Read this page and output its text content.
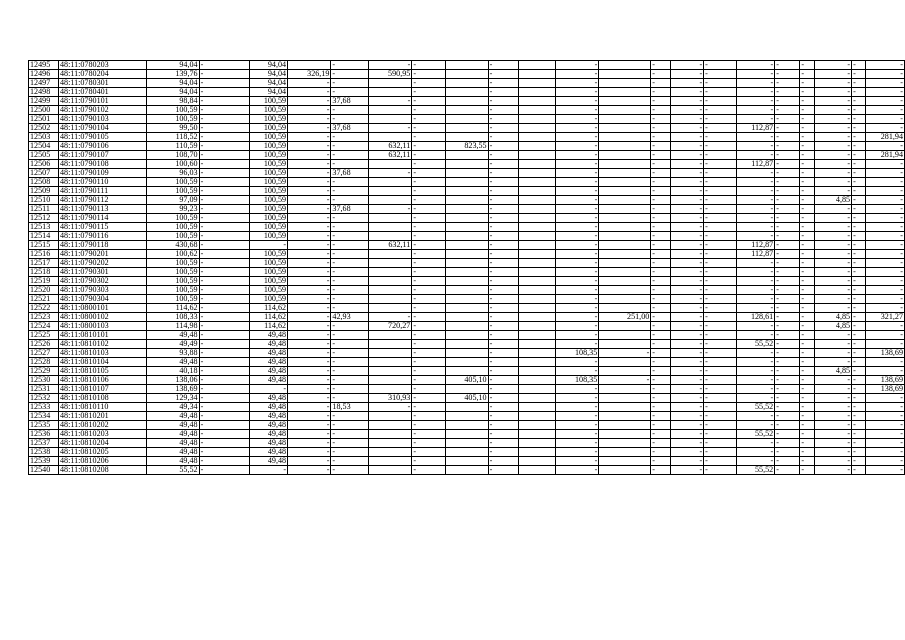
12495	48:11:0780203	94,04	-	94,04		-	-	-		-		-		-	-	-	-	-	-	-	-	-
12496	48:11:0780204	139,76	-	94,04	326,19	-	590,95	-		-		-		-	-	-	-	-	-	-	-	-
12497	48:11:0780301	94,04	-	94,04	-	-		-		-		-		-	-	-	-	-	-	-	-	-
12498	48:11:0780401	94,04	-	94,04	-	-		-		-		-		-	-	-	-	-	-	-	-	-
12499	48:11:0790101	98,84	-	100,59	-	37,68	-	-		-		-		-	-	-	-	-	-	-	-	-
12500	48:11:0790102	100,59	-	100,59	-	-		-		-		-		-	-	-	-	-	-	-	-	-
12501	48:11:0790103	100,59	-	100,59	-	-		-		-		-		-	-	-	-	-	-	-	-	-
12502	48:11:0790104	99,50	-	100,59	-	37,68	-	-		-		-		-	-	-	112,87	-	-	-	-	-
12503	48:11:0790105	118,52	-	100,59	-	-		-		-		-		-	-	-	-	-	-	-	-	281,94
12504	48:11:0790106	110,59	-	100,59	-	-	632,11	-	823,55	-		-		-	-	-	-	-	-	-	-	-
12505	48:11:0790107	108,70	-	100,59	-	-	632,11	-		-		-		-	-	-	-	-	-	-	-	281,94
12506	48:11:0790108	100,60	-	100,59	-	-		-		-		-		-	-	-	112,87	-	-	-	-	-
12507	48:11:0790109	96,03	-	100,59	-	37,68	-	-		-		-		-	-	-	-	-	-	-	-	-
12508	48:11:0790110	100,59	-	100,59	-	-		-		-		-		-	-	-	-	-	-	-	-	-
12509	48:11:0790111	100,59	-	100,59	-	-		-		-		-		-	-	-	-	-	-	-	-	-
12510	48:11:0790112	97,09	-	100,59	-	-		-		-		-		-	-	-	-	-	-	4,85	-	-
12511	48:11:0790113	99,23	-	100,59	-	37,68	-	-		-		-		-	-	-	-	-	-	-	-	-
12512	48:11:0790114	100,59	-	100,59	-	-		-		-		-		-	-	-	-	-	-	-	-	-
12513	48:11:0790115	100,59	-	100,59	-	-		-		-		-		-	-	-	-	-	-	-	-	-
12514	48:11:0790116	100,59	-	100,59	-	-		-		-		-		-	-	-	-	-	-	-	-	-
12515	48:11:0790118	430,68	-	-	-	-	632,11	-		-		-		-	-	-	112,87	-	-	-	-	-
12516	48:11:0790201	100,62	-	100,59	-	-		-		-		-		-	-	-	112,87	-	-	-	-	-
12517	48:11:0790202	100,59	-	100,59	-	-		-		-		-		-	-	-	-	-	-	-	-	-
12518	48:11:0790301	100,59	-	100,59	-	-		-		-		-		-	-	-	-	-	-	-	-	-
12519	48:11:0790302	100,59	-	100,59	-	-		-		-		-		-	-	-	-	-	-	-	-	-
12520	48:11:0790303	100,59	-	100,59	-	-		-		-		-		-	-	-	-	-	-	-	-	-
12521	48:11:0790304	100,59	-	100,59	-	-		-		-		-		-	-	-	-	-	-	-	-	-
12522	48:11:0800101	114,62	-	114,62	-	-		-		-		-		-	-	-	-	-	-	-	-	-
12523	48:11:0800102	108,33	-	114,62	-	42,93	-	-		-		-	251,00	-	-	-	128,61	-	-	4,85	-	321,27
12524	48:11:0800103	114,98	-	114,62	-	-	720,27	-		-		-		-	-	-	-	-	-	4,85	-	-
12525	48:11:0810101	49,48	-	49,48	-	-		-		-		-		-	-	-	-	-	-	-	-	-
12526	48:11:0810102	49,49	-	49,48	-	-		-		-		-		-	-	-	55,52	-	-	-	-	-
12527	48:11:0810103	93,88	-	49,48	-	-		-		-		108,35	-	-	-	-	-	-	-	-	-	138,69
12528	48:11:0810104	49,48	-	49,48	-	-		-		-		-		-	-	-	-	-	-	-	-	-
12529	48:11:0810105	40,18	-	49,48	-	-		-		-		-		-	-	-	-	-	-	4,85	-	-
12530	48:11:0810106	138,06	-	49,48	-	-		-	405,10	-		108,35	-	-	-	-	-	-	-	-	-	138,69
12531	48:11:0810107	138,69	-	-	-	-		-		-		-		-	-	-	-	-	-	-	-	138,69
12532	48:11:0810108	129,34	-	49,48	-	-	310,93	-	405,10	-		-		-	-	-	-	-	-	-	-	-
12533	48:11:0810110	49,34	-	49,48	-	18,53	-	-		-		-		-	-	-	55,52	-	-	-	-	-
12534	48:11:0810201	49,48	-	49,48	-	-		-		-		-		-	-	-	-	-	-	-	-	-
12535	48:11:0810202	49,48	-	49,48	-	-		-		-		-		-	-	-	-	-	-	-	-	-
12536	48:11:0810203	49,48	-	49,48	-	-		-		-		-		-	-	-	55,52	-	-	-	-	-
12537	48:11:0810204	49,48	-	49,48	-	-		-		-		-		-	-	-	-	-	-	-	-	-
12538	48:11:0810205	49,48	-	49,48	-	-		-		-		-		-	-	-	-	-	-	-	-	-
12539	48:11:0810206	49,48	-	49,48	-	-		-		-		-		-	-	-	-	-	-	-	-	-
12540	48:11:0810208	55,52	-	-	-	-		-		-		-		-	-	-	55,52	-	-	-	-	-
